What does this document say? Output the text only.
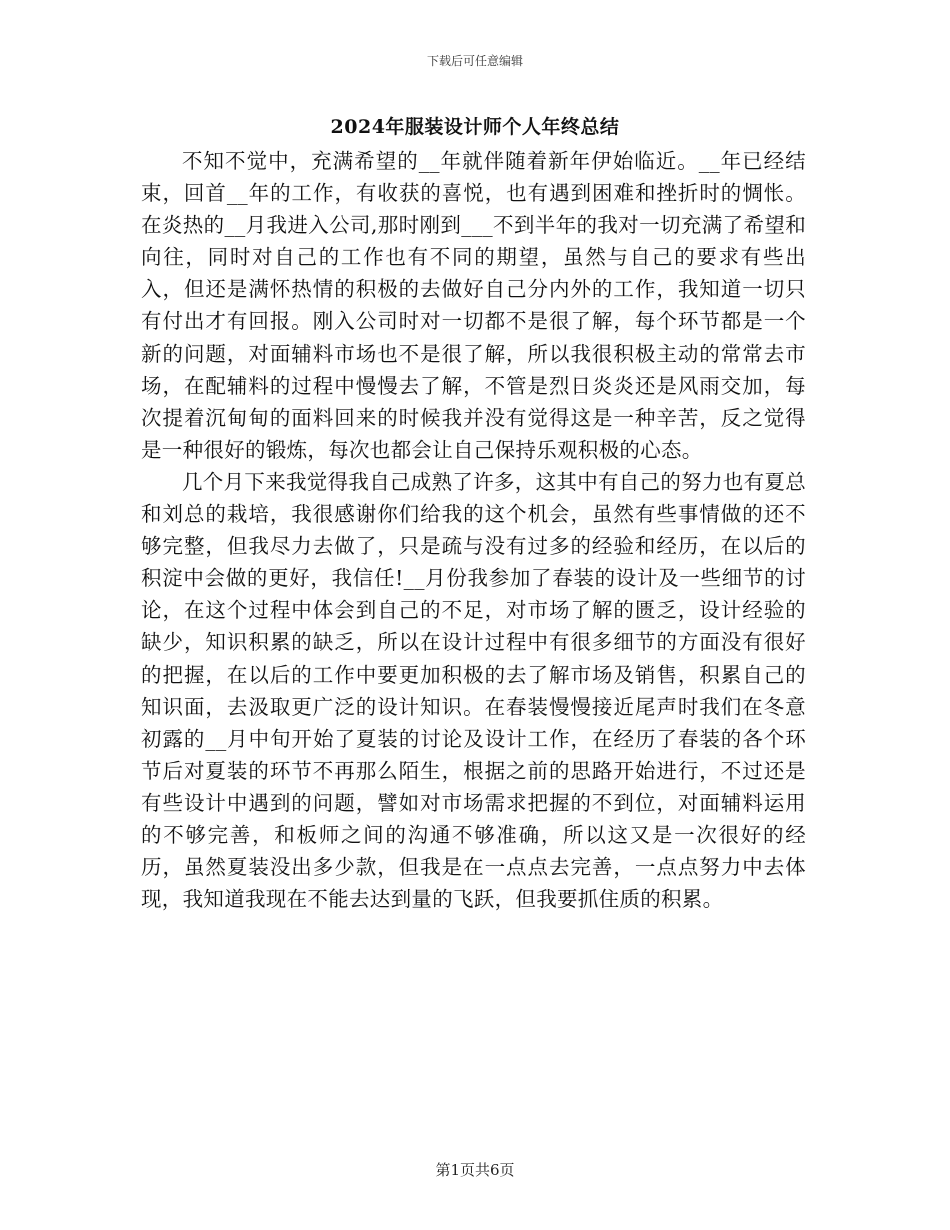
下载后可任意编辑
2024年服装设计师个人年终总结

不知不觉中，充满希望的__年就伴随着新年伊始临近。__年已经结束，回首__年的工作，有收获的喜悦，也有遇到困难和挫折时的惆怅。在炎热的__月我进入公司,那时刚到___不到半年的我对一切充满了希望和向往，同时对自己的工作也有不同的期望，虽然与自己的要求有些出入，但还是满怀热情的积极的去做好自己分内外的工作，我知道一切只有付出才有回报。刚入公司时对一切都不是很了解，每个环节都是一个新的问题，对面辅料市场也不是很了解，所以我很积极主动的常常去市场，在配辅料的过程中慢慢去了解，不管是烈日炎炎还是风雨交加，每次提着沉甸甸的面料回来的时候我并没有觉得这是一种辛苦，反之觉得是一种很好的锻炼，每次也都会让自己保持乐观积极的心态。

几个月下来我觉得我自己成熟了许多，这其中有自己的努力也有夏总和刘总的栽培，我很感谢你们给我的这个机会，虽然有些事情做的还不够完整，但我尽力去做了，只是疏与没有过多的经验和经历，在以后的积淀中会做的更好，我信任!__月份我参加了春装的设计及一些细节的讨论，在这个过程中体会到自己的不足，对市场了解的匮乏，设计经验的缺少，知识积累的缺乏，所以在设计过程中有很多细节的方面没有很好的把握，在以后的工作中要更加积极的去了解市场及销售，积累自己的知识面，去汲取更广泛的设计知识。在春装慢慢接近尾声时我们在冬意初露的__月中旬开始了夏装的讨论及设计工作，在经历了春装的各个环节后对夏装的环节不再那么陌生，根据之前的思路开始进行，不过还是有些设计中遇到的问题，譬如对市场需求把握的不到位，对面辅料运用的不够完善，和板师之间的沟通不够准确，所以这又是一次很好的经历，虽然夏装没出多少款，但我是在一点点去完善，一点点努力中去体现，我知道我现在不能去达到量的飞跃，但我要抓住质的积累。

第1页共6页
